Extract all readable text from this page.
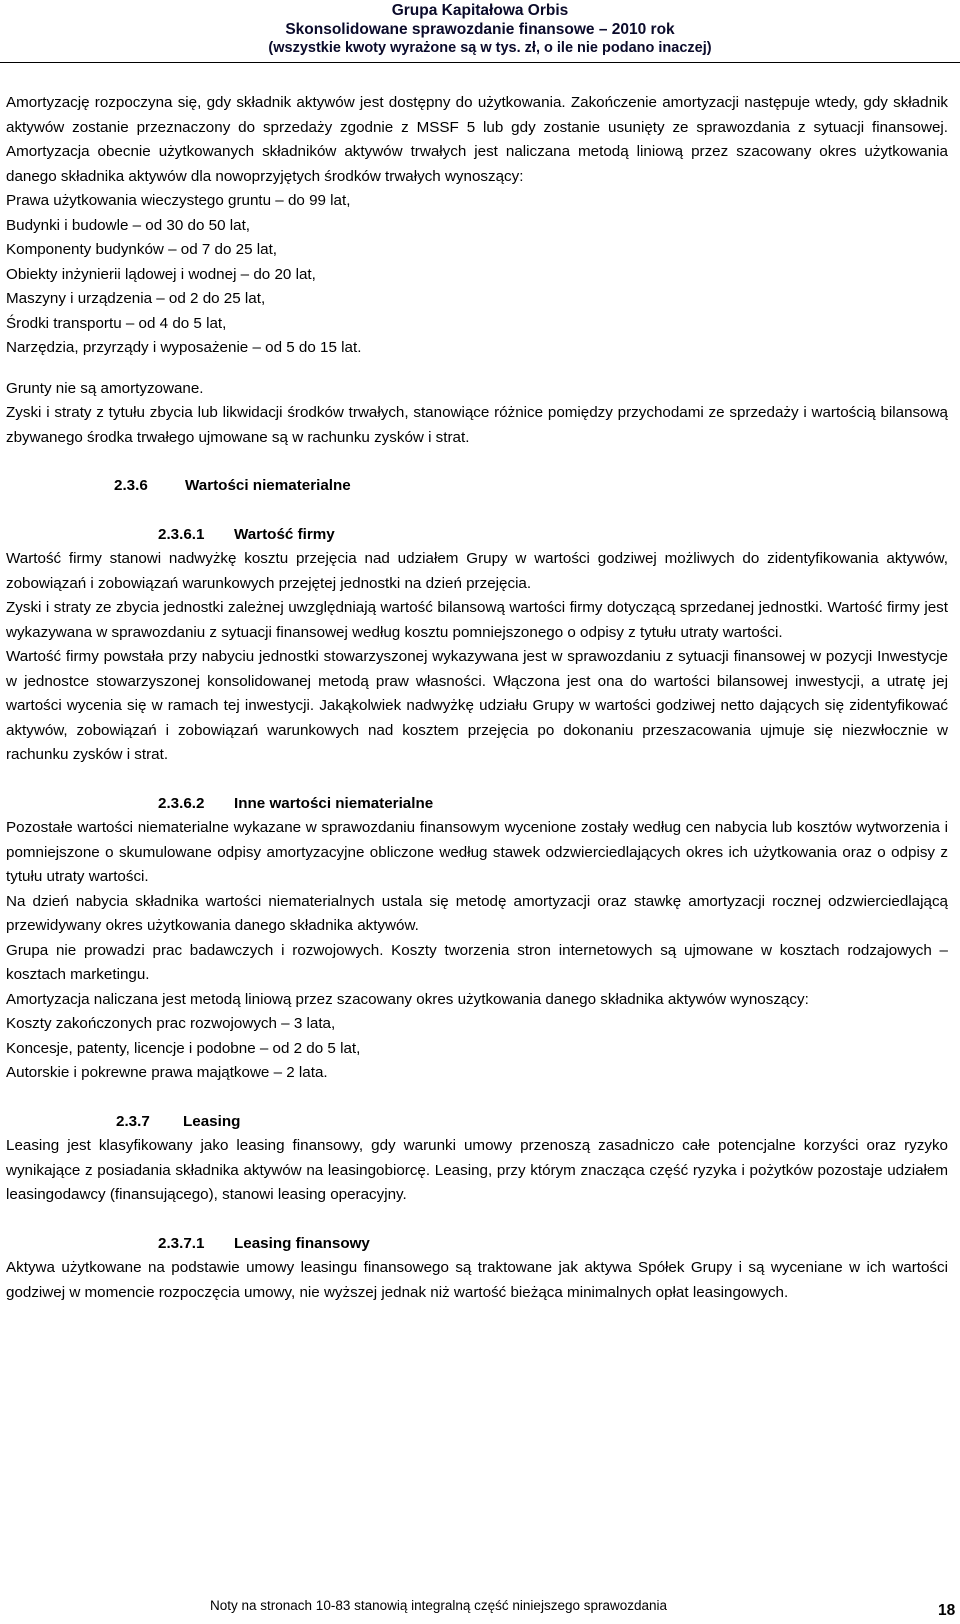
Grupa Kapitałowa Orbis
Skonsolidowane sprawozdanie finansowe – 2010 rok
(wszystkie kwoty wyrażone są w tys. zł, o ile nie podano inaczej)

Amortyzację rozpoczyna się, gdy składnik aktywów jest dostępny do użytkowania. Zakończenie amortyzacji następuje wtedy, gdy składnik aktywów zostanie przeznaczony do sprzedaży zgodnie z MSSF 5 lub gdy zostanie usunięty ze sprawozdania z sytuacji finansowej. Amortyzacja obecnie użytkowanych składników aktywów trwałych jest naliczana metodą liniową przez szacowany okres użytkowania danego składnika aktywów dla nowoprzyjętych środków trwałych wynoszący:

Prawa użytkowania wieczystego gruntu – do 99 lat,
Budynki i budowle – od 30 do 50 lat,
Komponenty budynków – od 7 do 25 lat,
Obiekty inżynierii lądowej i wodnej – do 20 lat,
Maszyny i urządzenia – od 2 do 25 lat,
Środki transportu – od 4 do 5 lat,
Narzędzia, przyrządy i wyposażenie – od 5 do 15 lat.

Grunty nie są amortyzowane.

Zyski i straty z tytułu zbycia lub likwidacji środków trwałych, stanowiące różnice pomiędzy przychodami ze sprzedaży i wartością bilansową zbywanego środka trwałego ujmowane są w rachunku zysków i strat.

2.3.6 Wartości niematerialne
2.3.6.1 Wartość firmy

Wartość firmy stanowi nadwyżkę kosztu przejęcia nad udziałem Grupy w wartości godziwej możliwych do zidentyfikowania aktywów, zobowiązań i zobowiązań warunkowych przejętej jednostki na dzień przejęcia.

Zyski i straty ze zbycia jednostki zależnej uwzględniają wartość bilansową wartości firmy dotyczącą sprzedanej jednostki. Wartość firmy jest wykazywana w sprawozdaniu z sytuacji finansowej według kosztu pomniejszonego o odpisy z tytułu utraty wartości.

Wartość firmy powstała przy nabyciu jednostki stowarzyszonej wykazywana jest w sprawozdaniu z sytuacji finansowej w pozycji Inwestycje w jednostce stowarzyszonej konsolidowanej metodą praw własności. Włączona jest ona do wartości bilansowej inwestycji, a utratę jej wartości wycenia się w ramach tej inwestycji. Jakąkolwiek nadwyżkę udziału Grupy w wartości godziwej netto dających się zidentyfikować aktywów, zobowiązań i zobowiązań warunkowych nad kosztem przejęcia po dokonaniu przeszacowania ujmuje się niezwłocznie w rachunku zysków i strat.

2.3.6.2 Inne wartości niematerialne

Pozostałe wartości niematerialne wykazane w sprawozdaniu finansowym wycenione zostały według cen nabycia lub kosztów wytworzenia i pomniejszone o skumulowane odpisy amortyzacyjne obliczone według stawek odzwierciedlających okres ich użytkowania oraz o odpisy z tytułu utraty wartości.

Na dzień nabycia składnika wartości niematerialnych ustala się metodę amortyzacji oraz stawkę amortyzacji rocznej odzwierciedlającą przewidywany okres użytkowania danego składnika aktywów.

Grupa nie prowadzi prac badawczych i rozwojowych. Koszty tworzenia stron internetowych są ujmowane w kosztach rodzajowych – kosztach marketingu.

Amortyzacja naliczana jest metodą liniową przez szacowany okres użytkowania danego składnika aktywów wynoszący:

Koszty zakończonych prac rozwojowych – 3 lata,
Koncesje, patenty, licencje i podobne – od 2 do 5 lat,
Autorskie i pokrewne prawa majątkowe – 2 lata.
2.3.7 Leasing

Leasing jest klasyfikowany jako leasing finansowy, gdy warunki umowy przenoszą zasadniczo całe potencjalne korzyści oraz ryzyko wynikające z posiadania składnika aktywów na leasingobiorcę. Leasing, przy którym znacząca część ryzyka i pożytków pozostaje udziałem leasingodawcy (finansującego), stanowi leasing operacyjny.

2.3.7.1 Leasing finansowy

Aktywa użytkowane na podstawie umowy leasingu finansowego są traktowane jak aktywa Spółek Grupy i są wyceniane w ich wartości godziwej w momencie rozpoczęcia umowy, nie wyższej jednak niż wartość bieżąca minimalnych opłat leasingowych.

Noty na stronach 10-83 stanowią integralną część niniejszego sprawozdania	18
